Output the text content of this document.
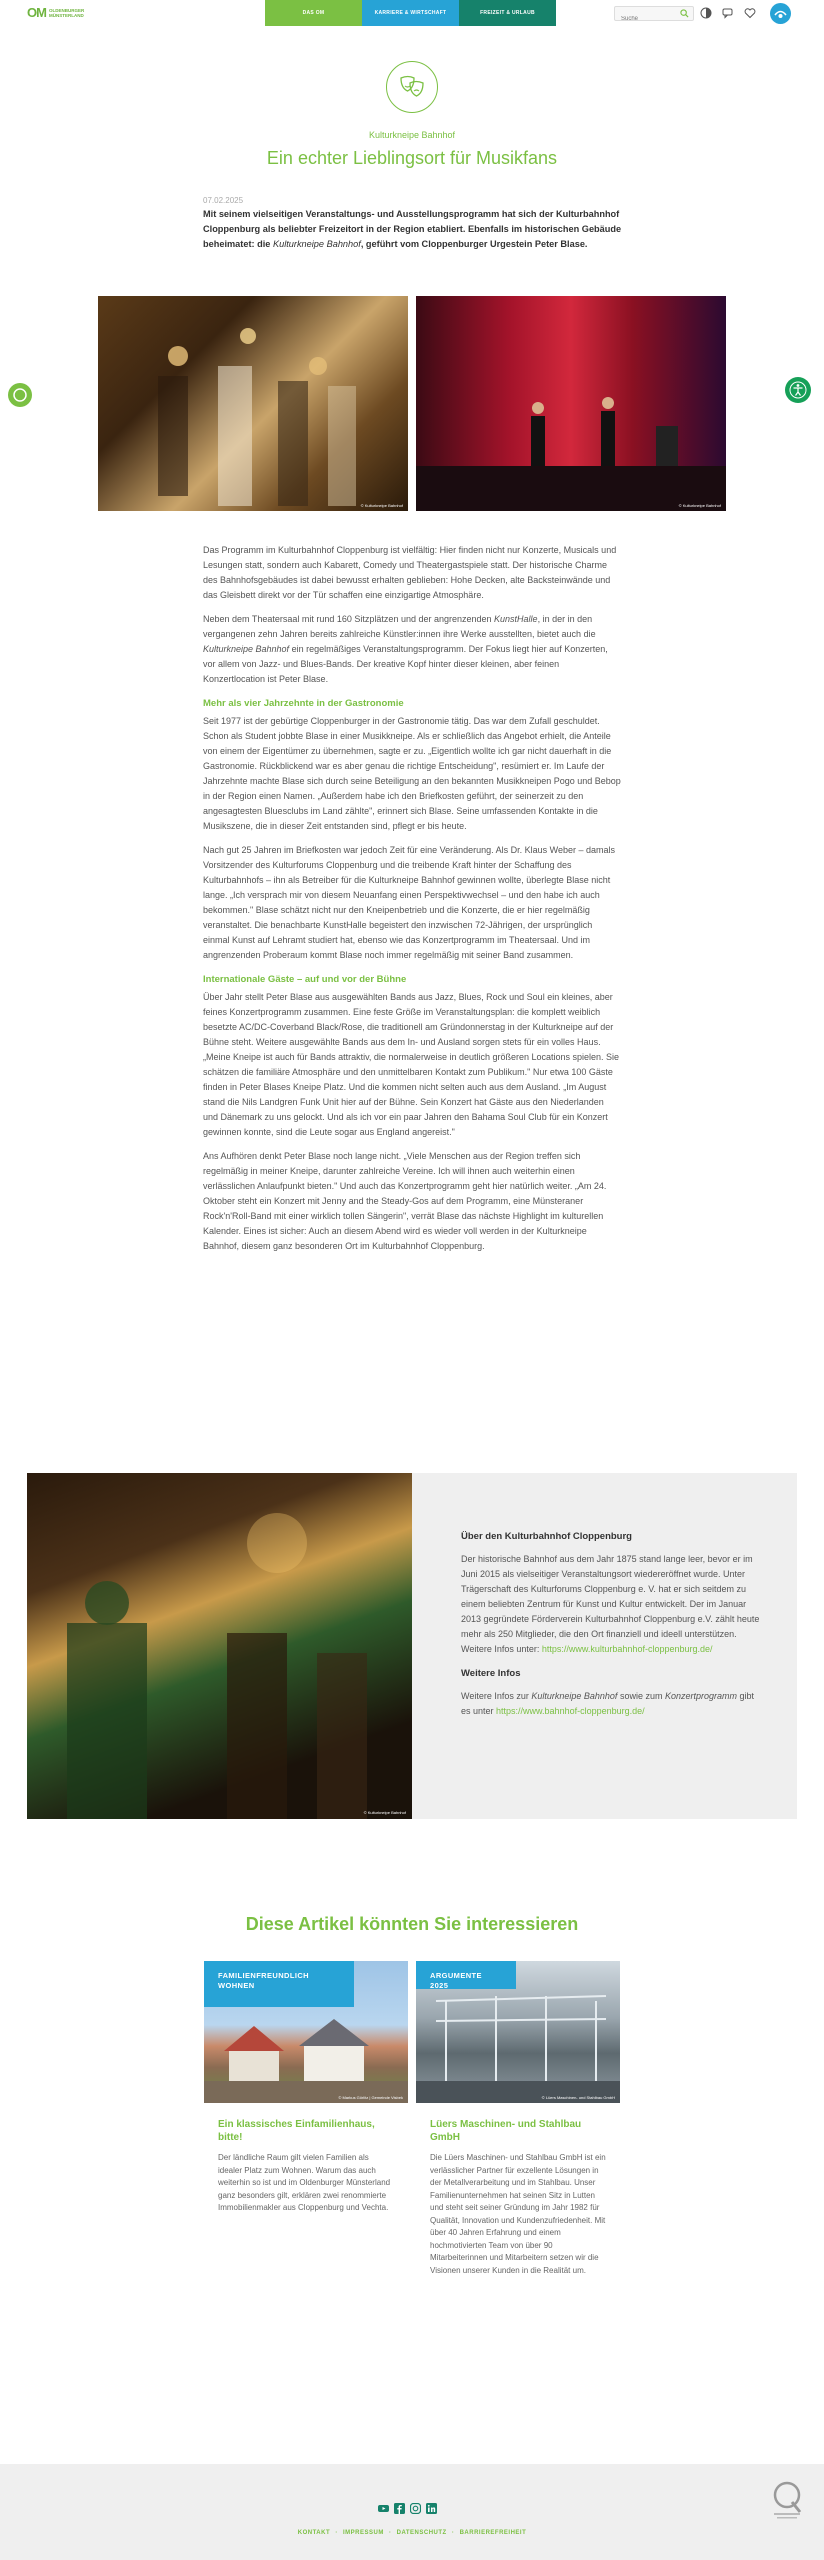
OM OLDENBURGER
MÜNSTERLAND	DAS OM	KARRIERE & WIRTSCHAFT	FREIZEIT & URLAUB
Suche
Kulturkneipe Bahnhof
Ein echter Lieblingsort für Musikfans
07.02.2025

Mit seinem vielseitigen Veranstaltungs- und Ausstellungsprogramm hat sich der Kulturbahnhof Cloppenburg als beliebter Freizeitort in der Region etabliert. Ebenfalls im historischen Gebäude beheimatet: die Kulturkneipe Bahnhof, geführt vom Cloppenburger Urgestein Peter Blase.

© Kulturkneipe Bahnhof	© Kulturkneipe Bahnhof

Das Programm im Kulturbahnhof Cloppenburg ist vielfältig: Hier finden nicht nur Konzerte, Musicals und Lesungen statt, sondern auch Kabarett, Comedy und Theatergastspiele statt. Der historische Charme des Bahnhofsgebäudes ist dabei bewusst erhalten geblieben: Hohe Decken, alte Backsteinwände und das Gleisbett direkt vor der Tür schaffen eine einzigartige Atmosphäre.

Neben dem Theatersaal mit rund 160 Sitzplätzen und der angrenzenden KunstHalle, in der in den vergangenen zehn Jahren bereits zahlreiche Künstler:innen ihre Werke ausstellten, bietet auch die Kulturkneipe Bahnhof ein regelmäßiges Veranstaltungsprogramm. Der Fokus liegt hier auf Konzerten, vor allem von Jazz- und Blues-Bands. Der kreative Kopf hinter dieser kleinen, aber feinen Konzertlocation ist Peter Blase.

Mehr als vier Jahrzehnte in der Gastronomie

Seit 1977 ist der gebürtige Cloppenburger in der Gastronomie tätig. Das war dem Zufall geschuldet. Schon als Student jobbte Blase in einer Musikkneipe. Als er schließlich das Angebot erhielt, die Anteile von einem der Eigentümer zu übernehmen, sagte er zu. „Eigentlich wollte ich gar nicht dauerhaft in die Gastronomie. Rückblickend war es aber genau die richtige Entscheidung", resümiert er. Im Laufe der Jahrzehnte machte Blase sich durch seine Beteiligung an den bekannten Musikkneipen Pogo und Bebop in der Region einen Namen. „Außerdem habe ich den Briefkosten geführt, der seinerzeit zu den angesagtesten Bluesclubs im Land zählte", erinnert sich Blase. Seine umfassenden Kontakte in die Musikszene, die in dieser Zeit entstanden sind, pflegt er bis heute.

Nach gut 25 Jahren im Briefkosten war jedoch Zeit für eine Veränderung. Als Dr. Klaus Weber – damals Vorsitzender des Kulturforums Cloppenburg und die treibende Kraft hinter der Schaffung des Kulturbahnhofs – ihn als Betreiber für die Kulturkneipe Bahnhof gewinnen wollte, überlegte Blase nicht lange. „Ich versprach mir von diesem Neuanfang einen Perspektivwechsel – und den habe ich auch bekommen." Blase schätzt nicht nur den Kneipenbetrieb und die Konzerte, die er hier regelmäßig veranstaltet. Die benachbarte KunstHalle begeistert den inzwischen 72-Jährigen, der ursprünglich einmal Kunst auf Lehramt studiert hat, ebenso wie das Konzertprogramm im Theatersaal. Und im angrenzenden Proberaum kommt Blase noch immer regelmäßig mit seiner Band zusammen.

Internationale Gäste – auf und vor der Bühne

Über Jahr stellt Peter Blase aus ausgewählten Bands aus Jazz, Blues, Rock und Soul ein kleines, aber feines Konzertprogramm zusammen. Eine feste Größe im Veranstaltungsplan: die komplett weiblich besetzte AC/DC-Coverband Black/Rose, die traditionell am Gründonnerstag in der Kulturkneipe auf der Bühne steht. Weitere ausgewählte Bands aus dem In- und Ausland sorgen stets für ein volles Haus. „Meine Kneipe ist auch für Bands attraktiv, die normalerweise in deutlich größeren Locations spielen. Sie schätzen die familiäre Atmosphäre und den unmittelbaren Kontakt zum Publikum." Nur etwa 100 Gäste finden in Peter Blases Kneipe Platz. Und die kommen nicht selten auch aus dem Ausland. „Im August stand die Nils Landgren Funk Unit hier auf der Bühne. Sein Konzert hat Gäste aus den Niederlanden und Dänemark zu uns gelockt. Und als ich vor ein paar Jahren den Bahama Soul Club für ein Konzert gewinnen konnte, sind die Leute sogar aus England angereist."

Ans Aufhören denkt Peter Blase noch lange nicht. „Viele Menschen aus der Region treffen sich regelmäßig in meiner Kneipe, darunter zahlreiche Vereine. Ich will ihnen auch weiterhin einen verlässlichen Anlaufpunkt bieten." Und auch das Konzertprogramm geht hier natürlich weiter. „Am 24. Oktober steht ein Konzert mit Jenny and the Steady-Gos auf dem Programm, eine Münsteraner Rock'n'Roll-Band mit einer wirklich tollen Sängerin", verrät Blase das nächste Highlight im kulturellen Kalender. Eines ist sicher: Auch an diesem Abend wird es wieder voll werden in der Kulturkneipe Bahnhof, diesem ganz besonderen Ort im Kulturbahnhof Cloppenburg.

© Kulturkneipe Bahnhof
Über den Kulturbahnhof Cloppenburg

Der historische Bahnhof aus dem Jahr 1875 stand lange leer, bevor er im Juni 2015 als vielseitiger Veranstaltungsort wiedereröffnet wurde. Unter Trägerschaft des Kulturforums Cloppenburg e. V. hat er sich seitdem zu einem beliebten Zentrum für Kunst und Kultur entwickelt. Der im Januar 2013 gegründete Förderverein Kulturbahnhof Cloppenburg e.V. zählt heute mehr als 250 Mitglieder, die den Ort finanziell und ideell unterstützen. Weitere Infos unter: https://www.kulturbahnhof-cloppenburg.de/

Weitere Infos

Weitere Infos zur Kulturkneipe Bahnhof sowie zum Konzertprogramm gibt es unter https://www.bahnhof-cloppenburg.de/

Diese Artikel könnten Sie interessieren
FAMILIENFREUNDLICH WOHNEN
© Markus Görlitz | Gemeinde Visbek
Ein klassisches Einfamilienhaus, bitte!
Der ländliche Raum gilt vielen Familien als idealer Platz zum Wohnen. Warum das auch weiterhin so ist und im Oldenburger Münsterland ganz besonders gilt, erklären zwei renommierte Immobilienmakler aus Cloppenburg und Vechta.
ARGUMENTE 2025
© Lüers Maschinen- und Stahlbau GmbH
Lüers Maschinen- und Stahlbau GmbH
Die Lüers Maschinen- und Stahlbau GmbH ist ein verlässlicher Partner für exzellente Lösungen in der Metallverarbeitung und im Stahlbau. Unser Familienunternehmen hat seinen Sitz in Lutten und steht seit seiner Gründung im Jahr 1982 für Qualität, Innovation und Kundenzufriedenheit. Mit über 40 Jahren Erfahrung und einem hochmotivierten Team von über 90 Mitarbeiterinnen und Mitarbeitern setzen wir die Visionen unserer Kunden in die Realität um.
KONTAKT · IMPRESSUM · DATENSCHUTZ · BARRIEREFREIHEIT
